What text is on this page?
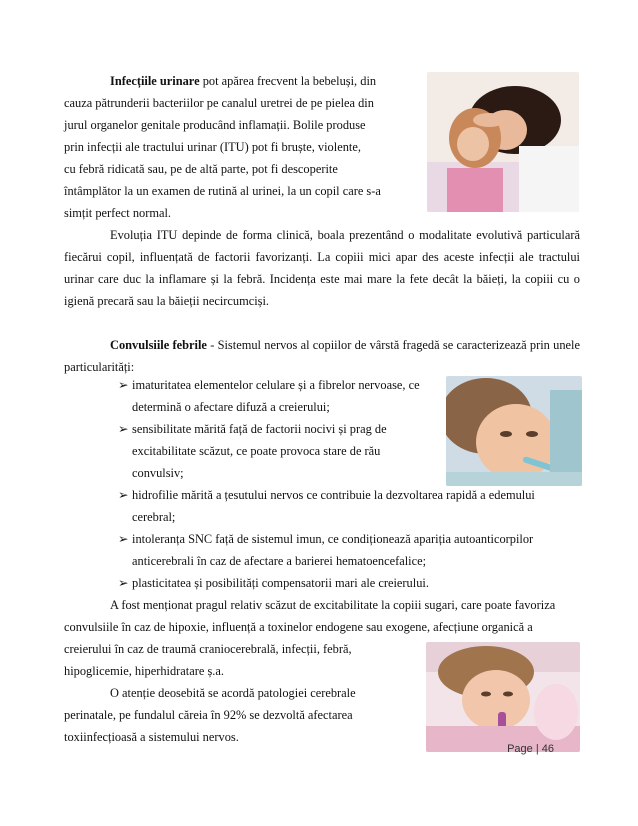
Infecțiile urinare pot apărea frecvent la bebeluși, din

cauza pătrunderii bacteriilor pe canalul uretrei de pe pielea din

jurul organelor genitale producând inflamații. Bolile produse

prin infecții ale tractului urinar (ITU) pot fi bruște, violente,

cu febră ridicată sau, pe de altă parte, pot fi descoperite

întâmplător la un examen de rutină al urinei, la un copil care s-a

simțit perfect normal.

Evoluția ITU depinde de forma clinică, boala prezentând o modalitate evolutivă particulară fiecărui copil, influențată de factorii favorizanți. La copiii mici apar des aceste infecții ale tractului urinar care duc la inflamare și la febră. Incidența este mai mare la fete decât la băieți, la copiii cu o igienă precară sau la băieții necircumciși.

Convulsiile febrile - Sistemul nervos al copiilor de vârstă fragedă se caracterizează prin unele particularități:

➢ imaturitatea elementelor celulare și a fibrelor nervoase, ce
determină o afectare difuză a creierului;
➢ sensibilitate mărită față de factorii nocivi și prag de
excitabilitate scăzut, ce poate provoca stare de rău
convulsiv;
➢ hidrofilie mărită a țesutului nervos ce contribuie la dezvoltarea rapidă a edemului
cerebral;
➢ intoleranța SNC față de sistemul imun, ce condiționează apariția autoanticorpilor
anticerebrali în caz de afectare a barierei hematoencefalice;
➢ plasticitatea și posibilități compensatorii mari ale creierului.

A fost menționat pragul relativ scăzut de excitabilitate la copiii sugari, care poate favoriza

convulsiile în caz de hipoxie, influență a toxinelor endogene sau exogene, afecțiune organică a

creierului în caz de traumă craniocerebrală, infecții, febră,

hipoglicemie, hiperhidratare ș.a.

O atenție deosebită se acordă patologiei cerebrale

perinatale, pe fundalul căreia în 92% se dezvoltă afectarea

toxiinfecțioasă a sistemului nervos.

Page | 46
